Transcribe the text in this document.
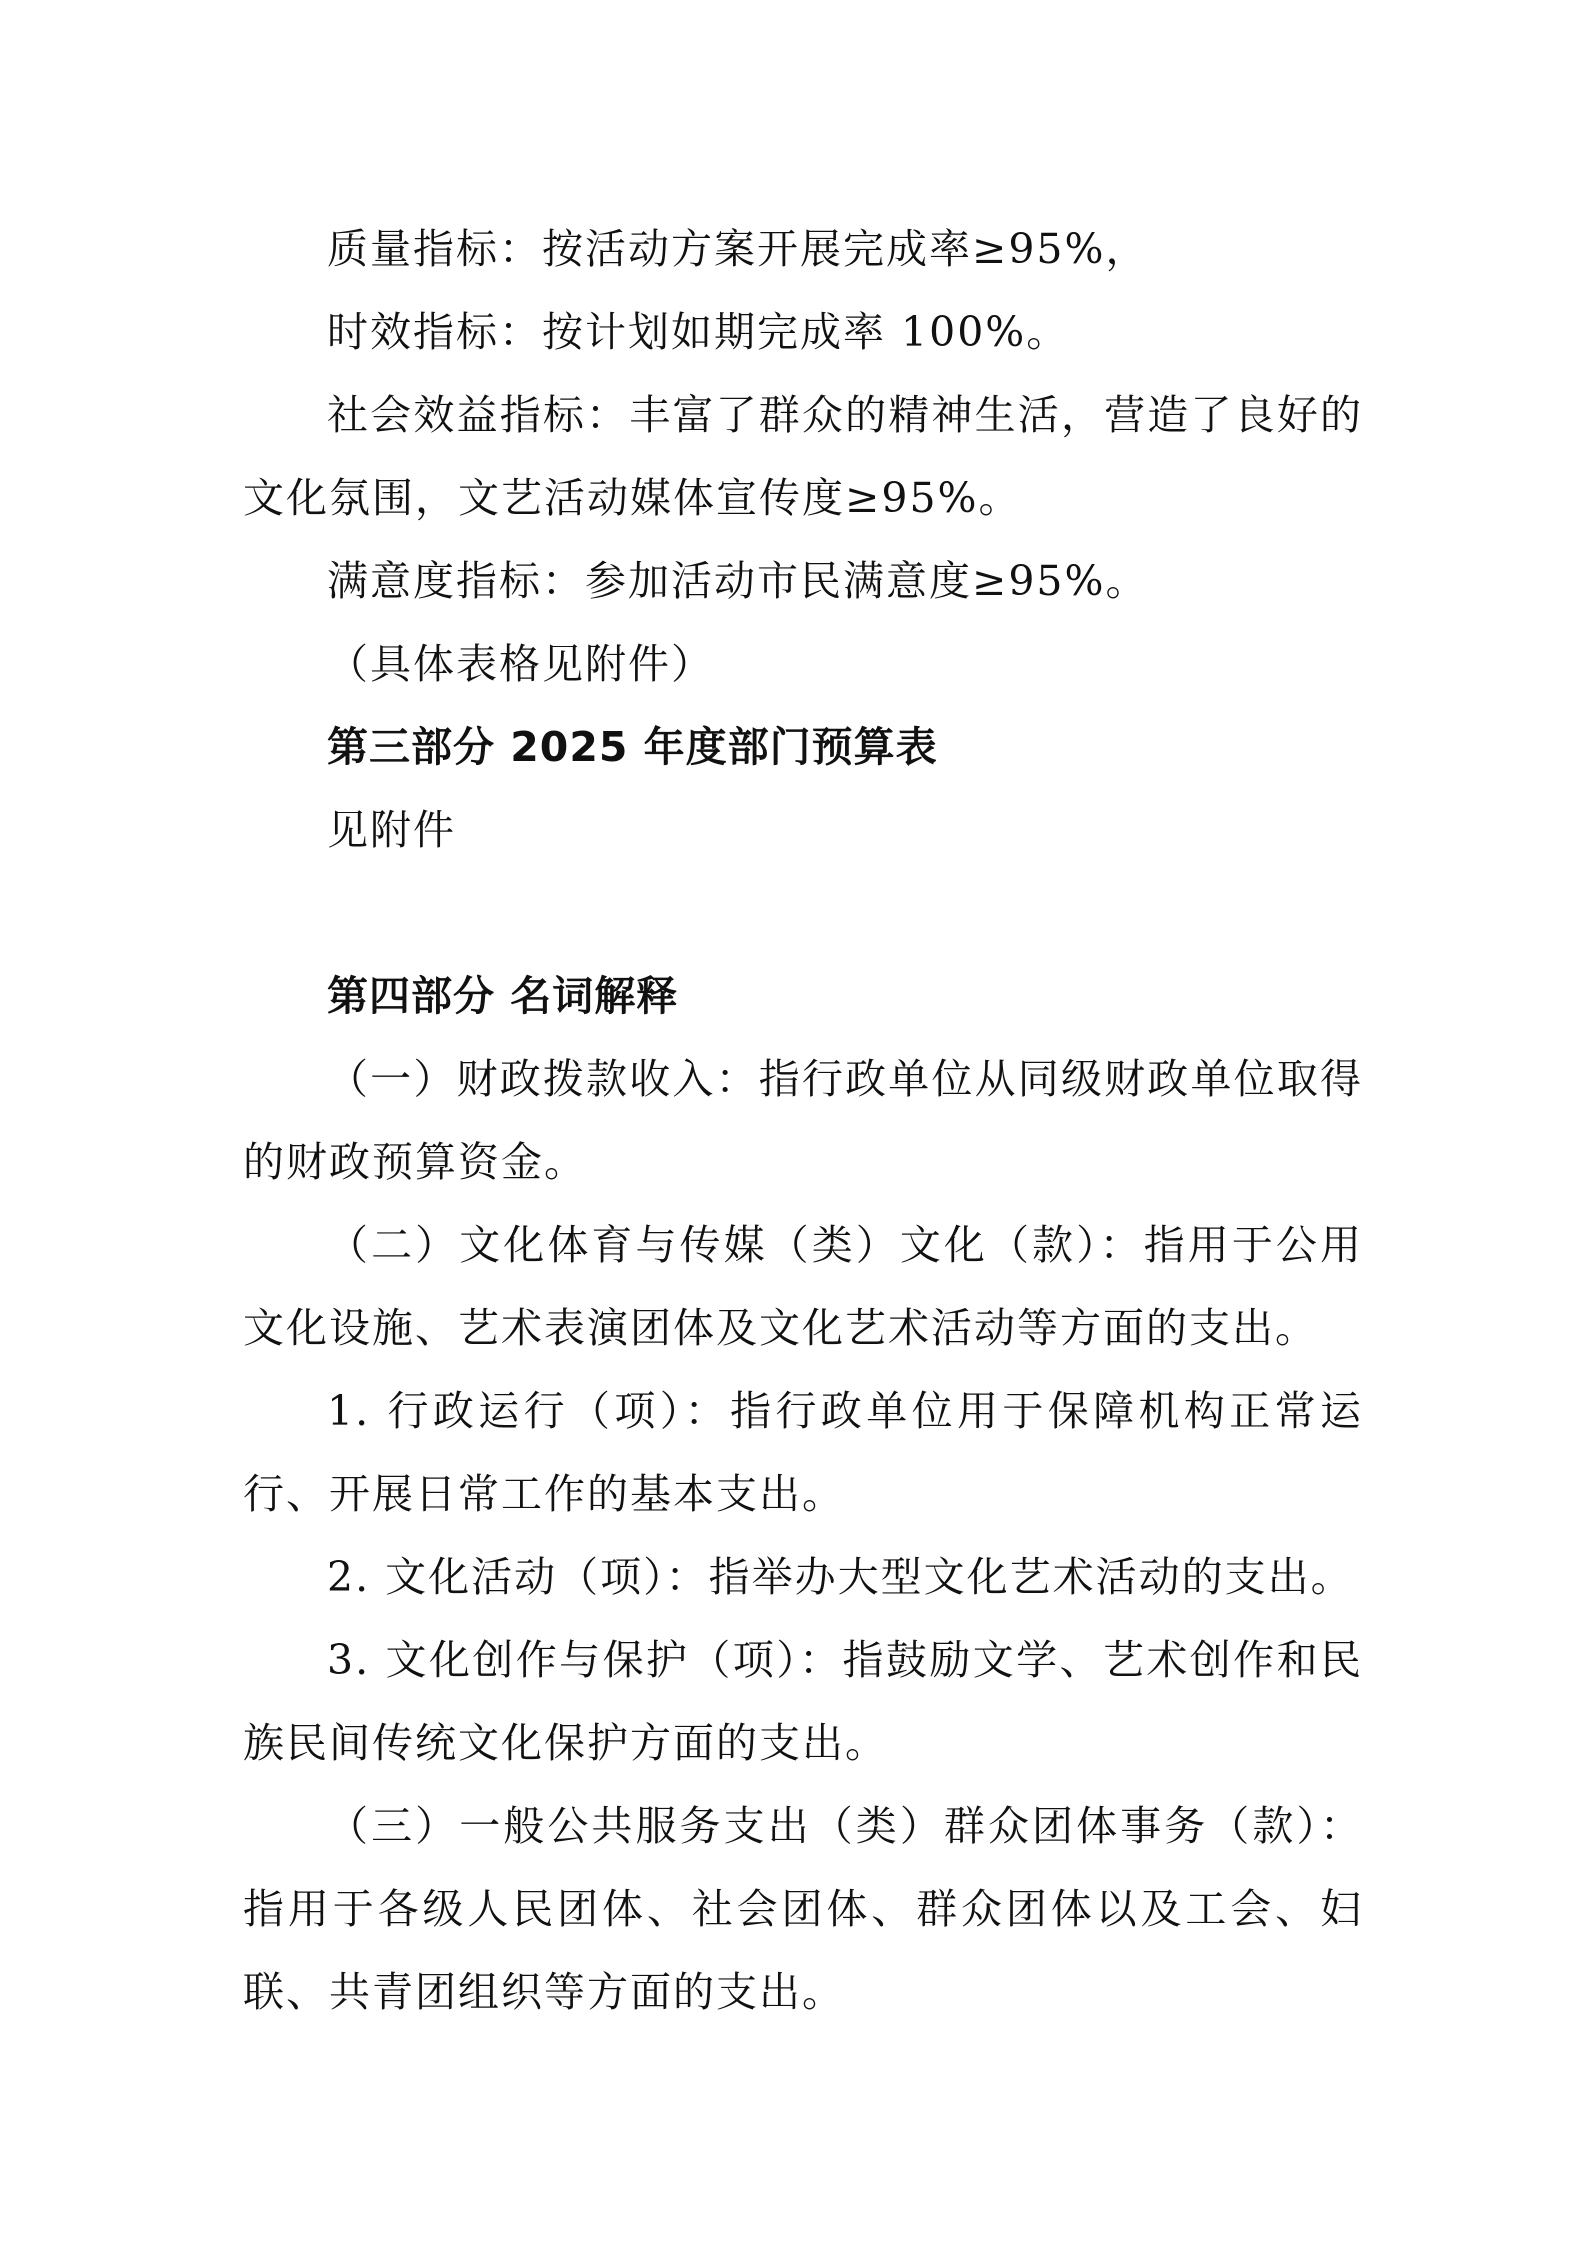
质量指标：按活动方案开展完成率≥95%，

时效指标：按计划如期完成率 100%。

社会效益指标：丰富了群众的精神生活，营造了良好的文化氛围，文艺活动媒体宣传度≥95%。

满意度指标：参加活动市民满意度≥95%。

（具体表格见附件）

第三部分 2025 年度部门预算表

见附件

第四部分 名词解释

（一）财政拨款收入：指行政单位从同级财政单位取得的财政预算资金。

（二）文化体育与传媒（类）文化（款）：指用于公用文化设施、艺术表演团体及文化艺术活动等方面的支出。

1. 行政运行（项）：指行政单位用于保障机构正常运行、开展日常工作的基本支出。

2. 文化活动（项）：指举办大型文化艺术活动的支出。

3. 文化创作与保护（项）：指鼓励文学、艺术创作和民族民间传统文化保护方面的支出。

（三）一般公共服务支出（类）群众团体事务（款）：指用于各级人民团体、社会团体、群众团体以及工会、妇联、共青团组织等方面的支出。
